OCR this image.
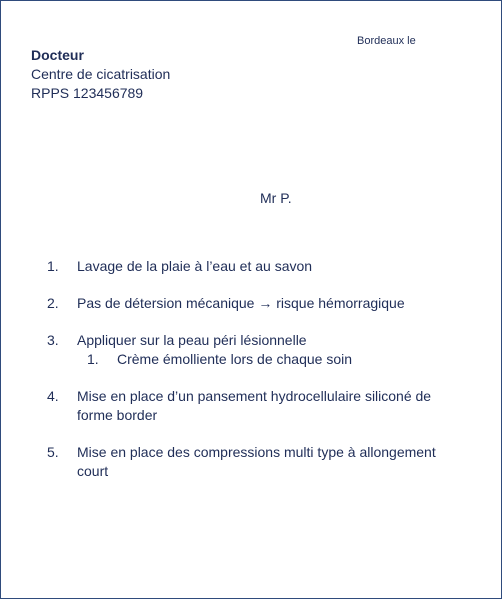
Bordeaux le
Docteur
Centre de cicatrisation
RPPS 123456789
Mr P.
1. Lavage de la plaie à l’eau et au savon
2. Pas de détersion mécanique → risque hémorragique
3. Appliquer sur la peau péri lésionnelle
1. Crème émolliente lors de chaque soin
4. Mise en place d’un pansement hydrocellulaire siliconé de forme border
5. Mise en place des compressions multi type à allongement court
